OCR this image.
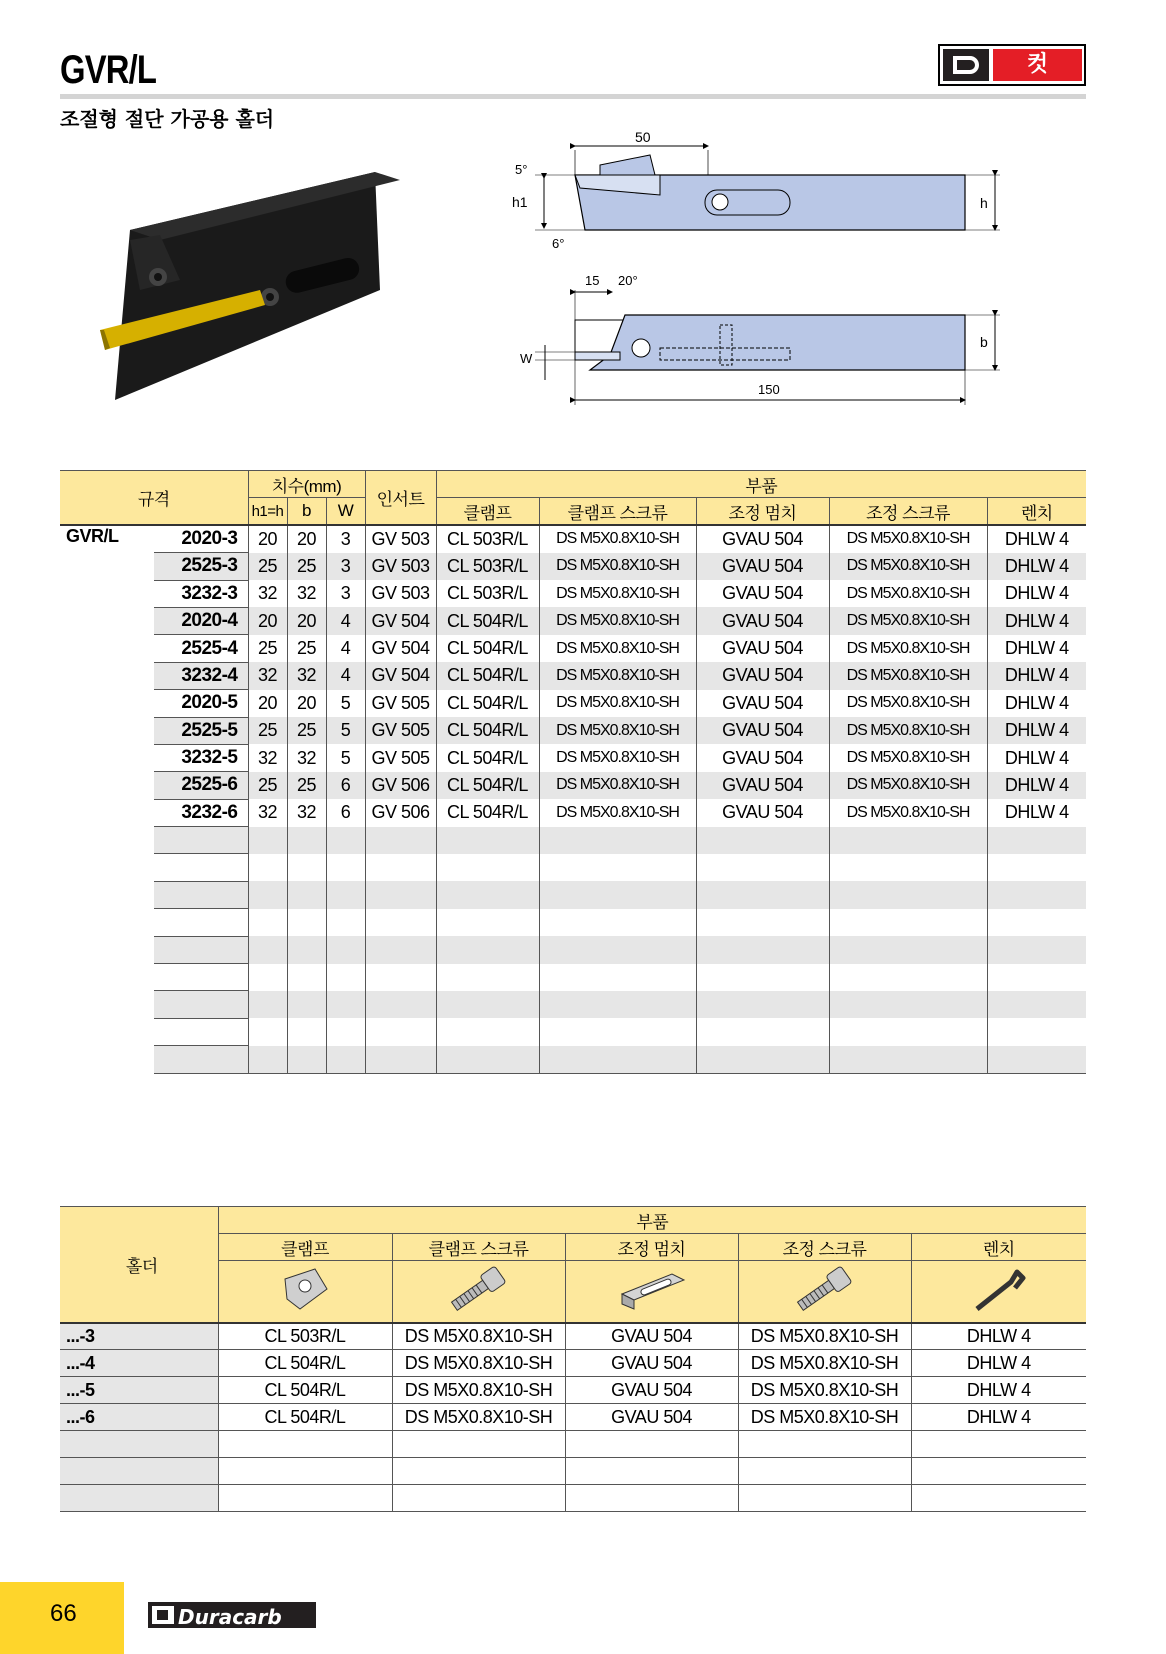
GVR/L
조절형 절단 가공용 홀더
컷
50
5°
h1
6°
h
15 20°
W
b
150
규격		치수(mm)			인서트	부품				
		h1=h	b	W		클램프	클램프 스크류	조정 멈치	조정 스크류	렌치
GVR/L	2020-3	20	20	3	GV 503	CL 503R/L	DS M5X0.8X10-SH	GVAU 504	DS M5X0.8X10-SH	DHLW 4
	2525-3	25	25	3	GV 503	CL 503R/L	DS M5X0.8X10-SH	GVAU 504	DS M5X0.8X10-SH	DHLW 4
	3232-3	32	32	3	GV 503	CL 503R/L	DS M5X0.8X10-SH	GVAU 504	DS M5X0.8X10-SH	DHLW 4
	2020-4	20	20	4	GV 504	CL 504R/L	DS M5X0.8X10-SH	GVAU 504	DS M5X0.8X10-SH	DHLW 4
	2525-4	25	25	4	GV 504	CL 504R/L	DS M5X0.8X10-SH	GVAU 504	DS M5X0.8X10-SH	DHLW 4
	3232-4	32	32	4	GV 504	CL 504R/L	DS M5X0.8X10-SH	GVAU 504	DS M5X0.8X10-SH	DHLW 4
	2020-5	20	20	5	GV 505	CL 504R/L	DS M5X0.8X10-SH	GVAU 504	DS M5X0.8X10-SH	DHLW 4
	2525-5	25	25	5	GV 505	CL 504R/L	DS M5X0.8X10-SH	GVAU 504	DS M5X0.8X10-SH	DHLW 4
	3232-5	32	32	5	GV 505	CL 504R/L	DS M5X0.8X10-SH	GVAU 504	DS M5X0.8X10-SH	DHLW 4
	2525-6	25	25	6	GV 506	CL 504R/L	DS M5X0.8X10-SH	GVAU 504	DS M5X0.8X10-SH	DHLW 4
	3232-6	32	32	6	GV 506	CL 504R/L	DS M5X0.8X10-SH	GVAU 504	DS M5X0.8X10-SH	DHLW 4

홀더	부품				
	클램프	클램프 스크류	조정 멈치	조정 스크류	렌치

...-3	CL 503R/L	DS M5X0.8X10-SH	GVAU 504	DS M5X0.8X10-SH	DHLW 4
...-4	CL 504R/L	DS M5X0.8X10-SH	GVAU 504	DS M5X0.8X10-SH	DHLW 4
...-5	CL 504R/L	DS M5X0.8X10-SH	GVAU 504	DS M5X0.8X10-SH	DHLW 4
...-6	CL 504R/L	DS M5X0.8X10-SH	GVAU 504	DS M5X0.8X10-SH	DHLW 4

66	Duracarb
